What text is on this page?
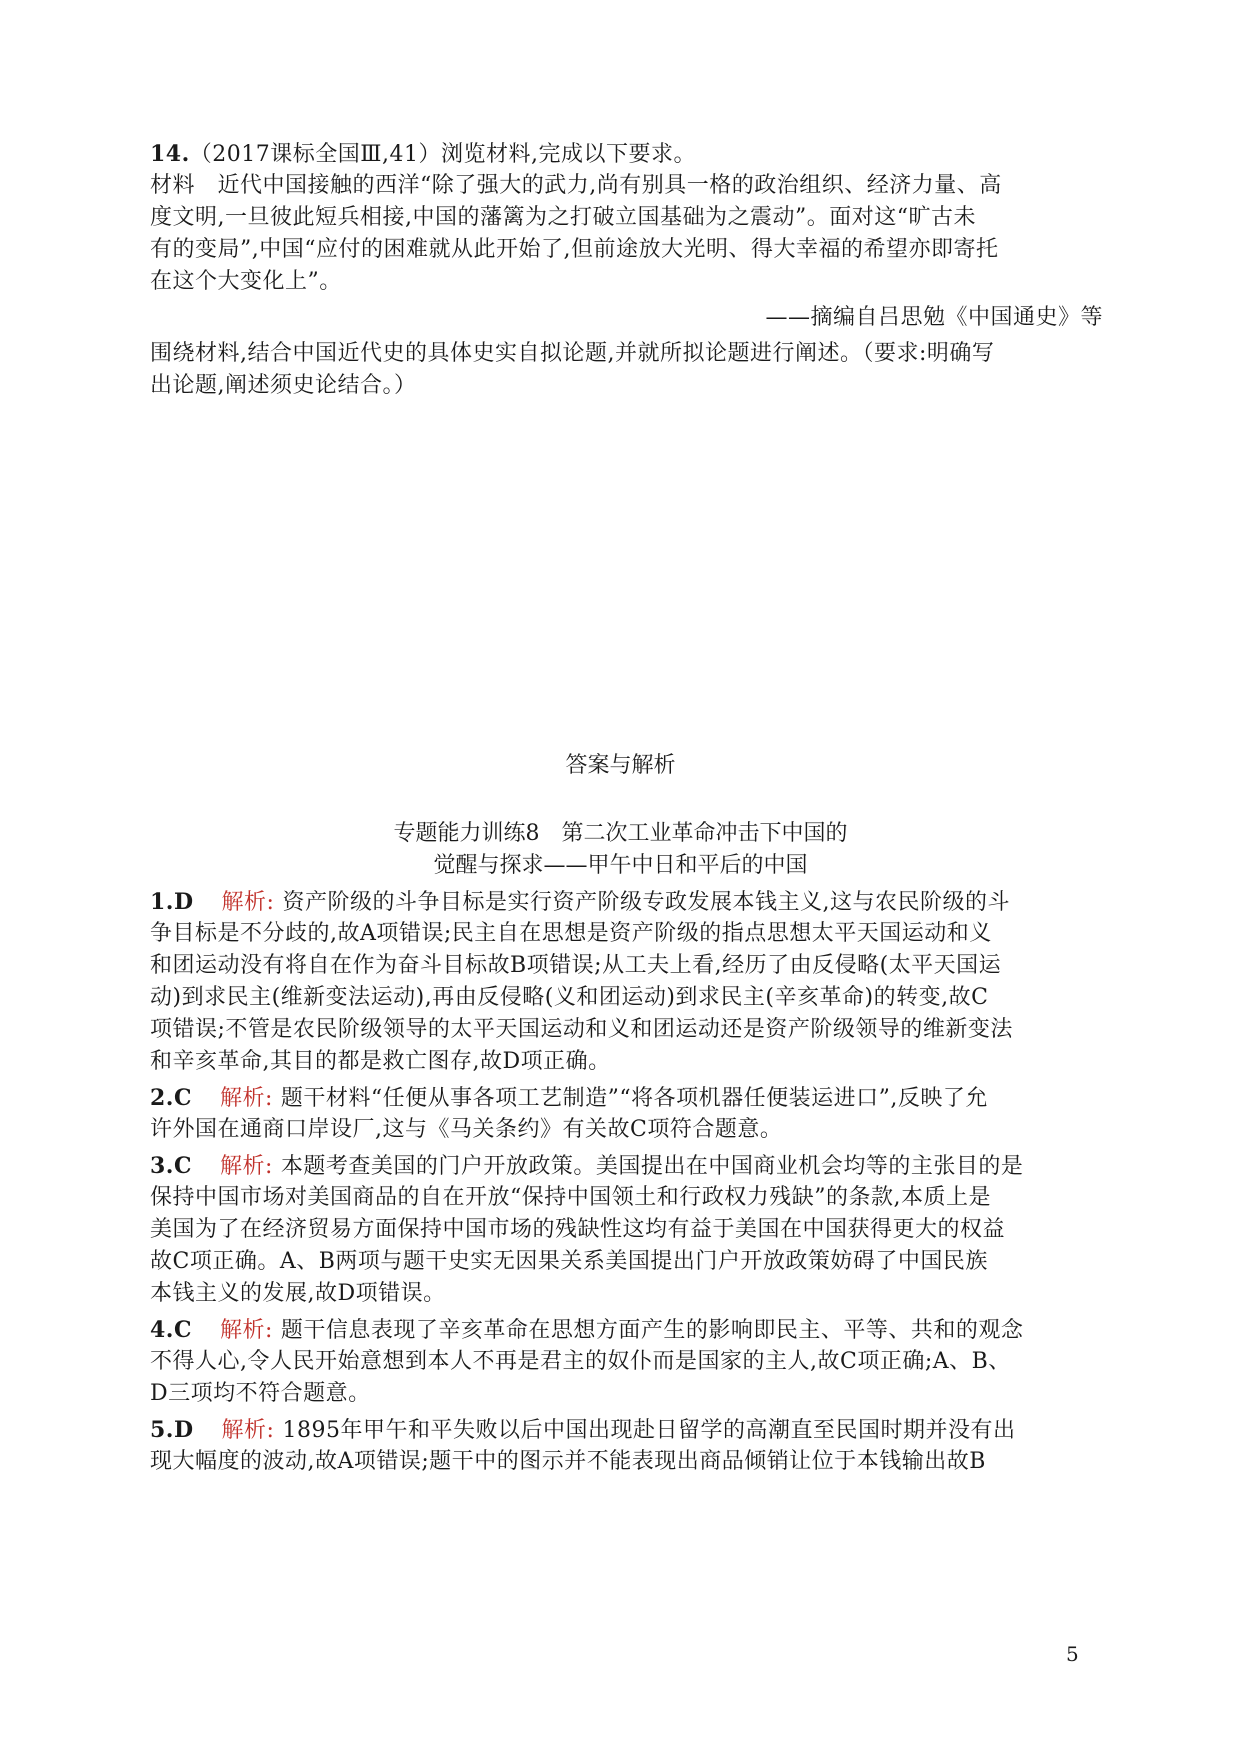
14.（2017课标全国Ⅲ,41）浏览材料,完成以下要求。
材料　近代中国接触的西洋“除了强大的武力,尚有别具一格的政治组织、经济力量、高
度文明,一旦彼此短兵相接,中国的藩篱为之打破立国基础为之震动”。面对这“旷古未
有的变局”,中国“应付的困难就从此开始了,但前途放大光明、得大幸福的希望亦即寄托
在这个大变化上”。
——摘编自吕思勉《中国通史》等
围绕材料,结合中国近代史的具体史实自拟论题,并就所拟论题进行阐述。（要求:明确写
出论题,阐述须史论结合。）
答案与解析
专题能力训练8　第二次工业革命冲击下中国的
觉醒与探求——甲午中日和平后的中国
1.D 解析: 资产阶级的斗争目标是实行资产阶级专政发展本钱主义,这与农民阶级的斗
争目标是不分歧的,故A项错误;民主自在思想是资产阶级的指点思想太平天国运动和义
和团运动没有将自在作为奋斗目标故B项错误;从工夫上看,经历了由反侵略(太平天国运
动)到求民主(维新变法运动),再由反侵略(义和团运动)到求民主(辛亥革命)的转变,故C
项错误;不管是农民阶级领导的太平天国运动和义和团运动还是资产阶级领导的维新变法
和辛亥革命,其目的都是救亡图存,故D项正确。
2.C 解析: 题干材料“任便从事各项工艺制造”“将各项机器任便装运进口”,反映了允
许外国在通商口岸设厂,这与《马关条约》有关故C项符合题意。
3.C 解析: 本题考查美国的门户开放政策。美国提出在中国商业机会均等的主张目的是
保持中国市场对美国商品的自在开放“保持中国领土和行政权力残缺”的条款,本质上是
美国为了在经济贸易方面保持中国市场的残缺性这均有益于美国在中国获得更大的权益
故C项正确。A、B两项与题干史实无因果关系美国提出门户开放政策妨碍了中国民族
本钱主义的发展,故D项错误。
4.C 解析: 题干信息表现了辛亥革命在思想方面产生的影响即民主、平等、共和的观念
不得人心,令人民开始意想到本人不再是君主的奴仆而是国家的主人,故C项正确;A、B、
D三项均不符合题意。
5.D 解析: 1895年甲午和平失败以后中国出现赴日留学的高潮直至民国时期并没有出
现大幅度的波动,故A项错误;题干中的图示并不能表现出商品倾销让位于本钱输出故B
5
